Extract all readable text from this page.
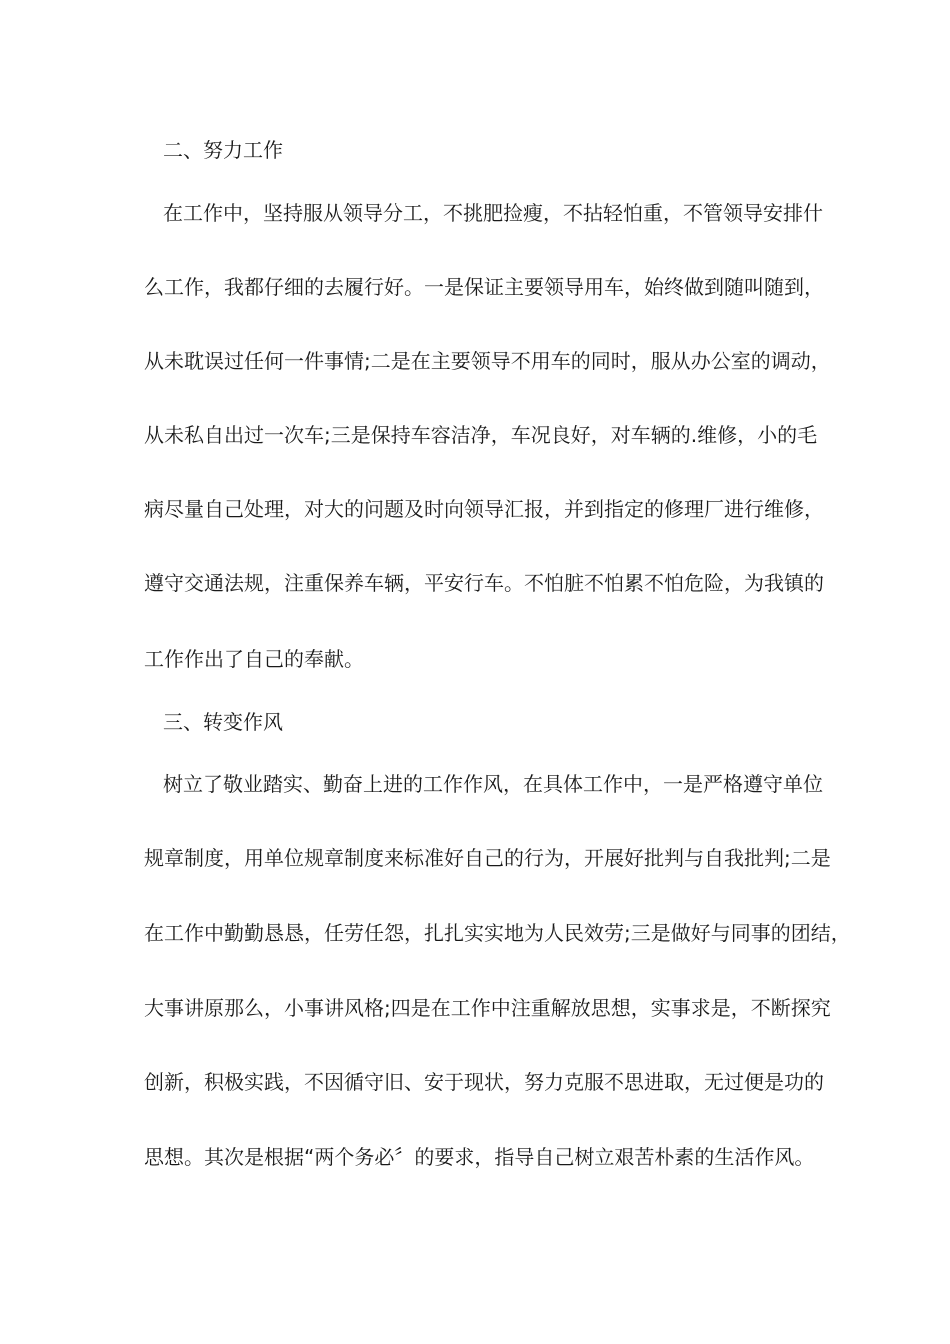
二、努力工作
在工作中，坚持服从领导分工，不挑肥捡瘦，不拈轻怕重，不管领导安排什
么工作，我都仔细的去履行好。一是保证主要领导用车，始终做到随叫随到，
从未耽误过任何一件事情;二是在主要领导不用车的同时，服从办公室的调动，
从未私自出过一次车;三是保持车容洁净，车况良好，对车辆的.维修，小的毛
病尽量自己处理，对大的问题及时向领导汇报，并到指定的修理厂进行维修，
遵守交通法规，注重保养车辆，平安行车。不怕脏不怕累不怕危险，为我镇的
工作作出了自己的奉献。
三、转变作风
树立了敬业踏实、勤奋上进的工作作风，在具体工作中，一是严格遵守单位
规章制度，用单位规章制度来标准好自己的行为，开展好批判与自我批判;二是
在工作中勤勤恳恳，任劳任怨，扎扎实实地为人民效劳;三是做好与同事的团结，
大事讲原那么，小事讲风格;四是在工作中注重解放思想，实事求是，不断探究
创新，积极实践，不因循守旧、安于现状，努力克服不思进取，无过便是功的
思想。其次是根据“两个务必〞的要求，指导自己树立艰苦朴素的生活作风。
